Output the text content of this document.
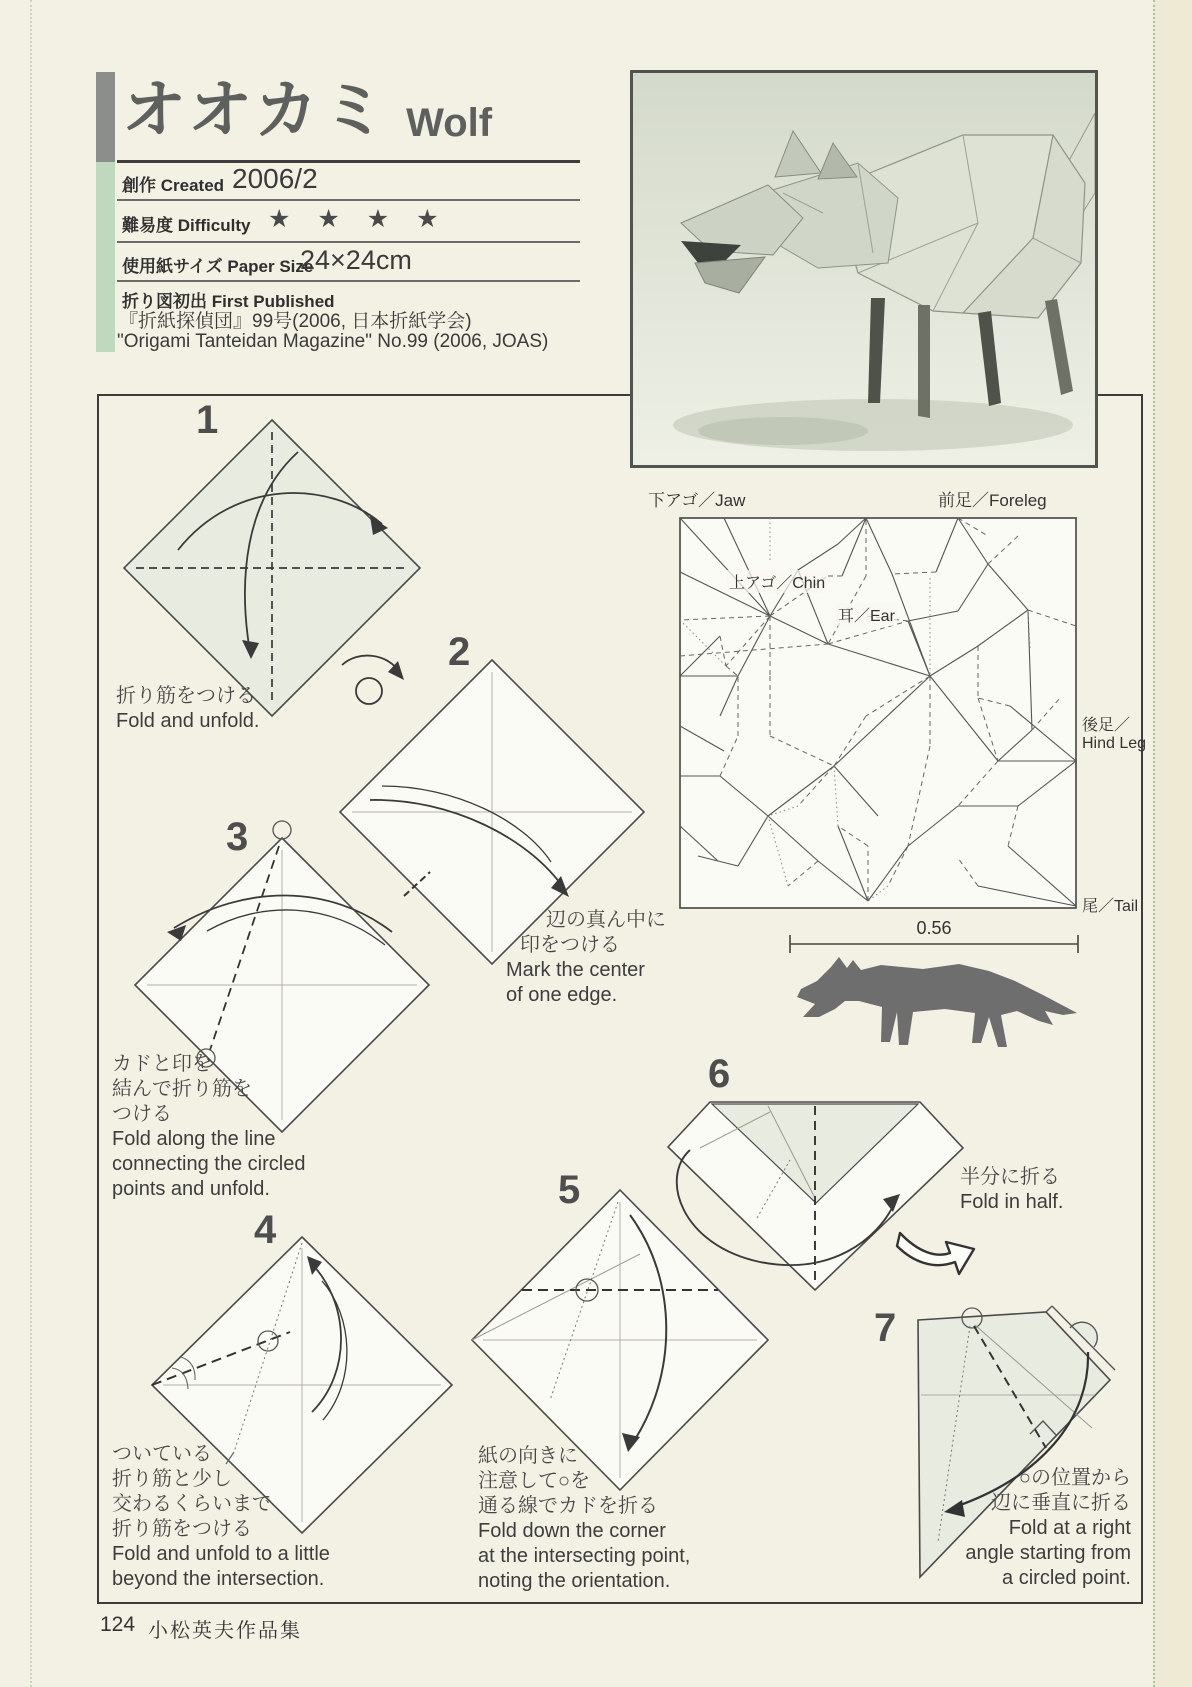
オオカミ Wolf
創作 Created 2006/2
難易度 Difficulty ★ ★ ★ ★
使用紙サイズ Paper Size
24×24cm
折り図初出 First Published
『折紙探偵団』99号(2006, 日本折紙学会)
"Origami Tanteidan Magazine" No.99 (2006, JOAS)
下アゴ／Jaw	前足／Foreleg
上アゴ／Chin
耳／Ear
後足／
Hind Leg
尾／Tail
0.56
1
2
3
4
5
6
7
折り筋をつける
Fold and unfold.
辺の真ん中に
印をつける
Mark the center
of one edge.
カドと印を
結んで折り筋を
つける
Fold along the line
connecting the circled
points and unfold.
ついている
折り筋と少し
交わるくらいまで
折り筋をつける
Fold and unfold to a little
beyond the intersection.
紙の向きに
注意して○を
通る線でカドを折る
Fold down the corner
at the intersecting point,
noting the orientation.
半分に折る
Fold in half.
○の位置から
辺に垂直に折る
Fold at a right
angle starting from
a circled point.
124 小松英夫作品集
